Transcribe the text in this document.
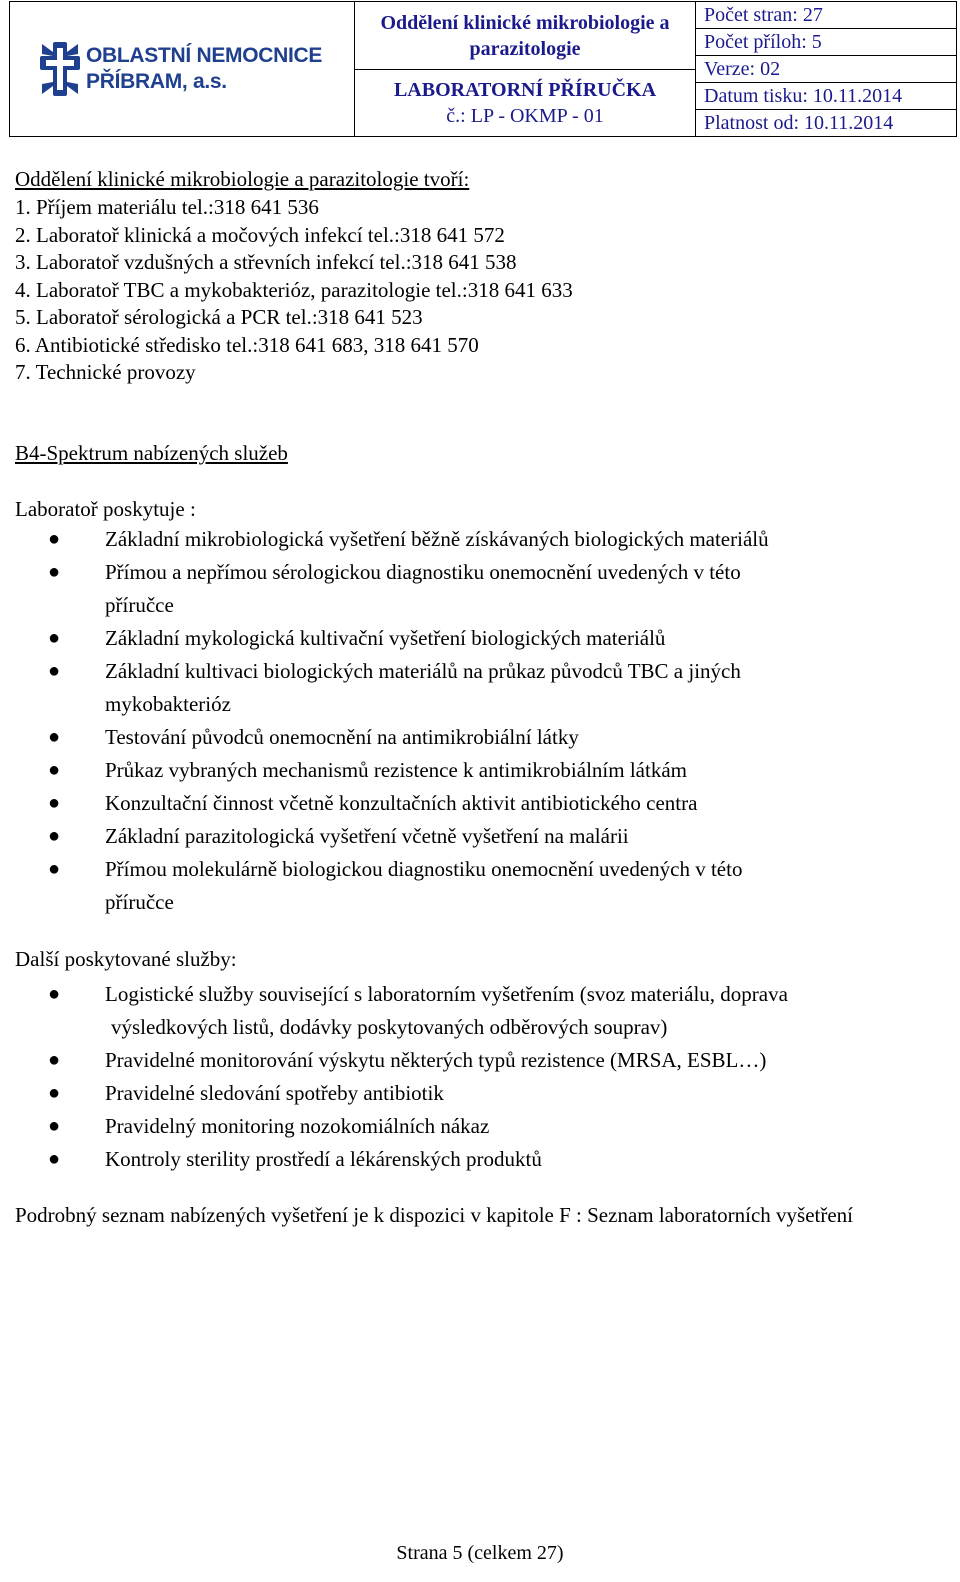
OBLASTNÍ NEMOCNICE
PŘÍBRAM, a.s.

Oddělení klinické mikrobiologie a parazitologie

Počet stran: 27
Počet příloh: 5
Verze: 02
Datum tisku: 10.11.2014
Platnost od: 10.11.2014

LABORATORNÍ PŘÍRUČKA
č.: LP - OKMP - 01
Oddělení klinické mikrobiologie a parazitologie tvoří:
1. Příjem materiálu tel.:318 641 536
2. Laboratoř klinická a močových infekcí tel.:318 641 572
3. Laboratoř vzdušných a střevních infekcí tel.:318 641 538
4. Laboratoř TBC a mykobakterióz, parazitologie tel.:318 641 633
5. Laboratoř sérologická a PCR tel.:318 641 523
6. Antibiotické středisko tel.:318 641 683, 318 641 570
7. Technické provozy
B4-Spektrum nabízených služeb
Laboratoř poskytuje :
● Základní mikrobiologická vyšetření běžně získávaných biologických materiálů
● Přímou a nepřímou sérologickou diagnostiku onemocnění uvedených v této
příručce
● Základní mykologická kultivační vyšetření biologických materiálů
● Základní kultivaci biologických materiálů na průkaz původců TBC a jiných
mykobakterióz
● Testování původců onemocnění na antimikrobiální látky
● Průkaz vybraných mechanismů rezistence k antimikrobiálním látkám
● Konzultační činnost včetně konzultačních aktivit antibiotického centra
● Základní parazitologická vyšetření včetně vyšetření na malárii
● Přímou molekulárně biologickou diagnostiku onemocnění uvedených v této
příručce
Další poskytované služby:
● Logistické služby související s laboratorním vyšetřením (svoz materiálu, doprava
výsledkových listů, dodávky poskytovaných odběrových souprav)
● Pravidelné monitorování výskytu některých typů rezistence (MRSA, ESBL…)
● Pravidelné sledování spotřeby antibiotik
● Pravidelný monitoring nozokomiálních nákaz
● Kontroly sterility prostředí a lékárenských produktů
Podrobný seznam nabízených vyšetření je k dispozici v kapitole F : Seznam laboratorních vyšetření
Strana 5 (celkem 27)
